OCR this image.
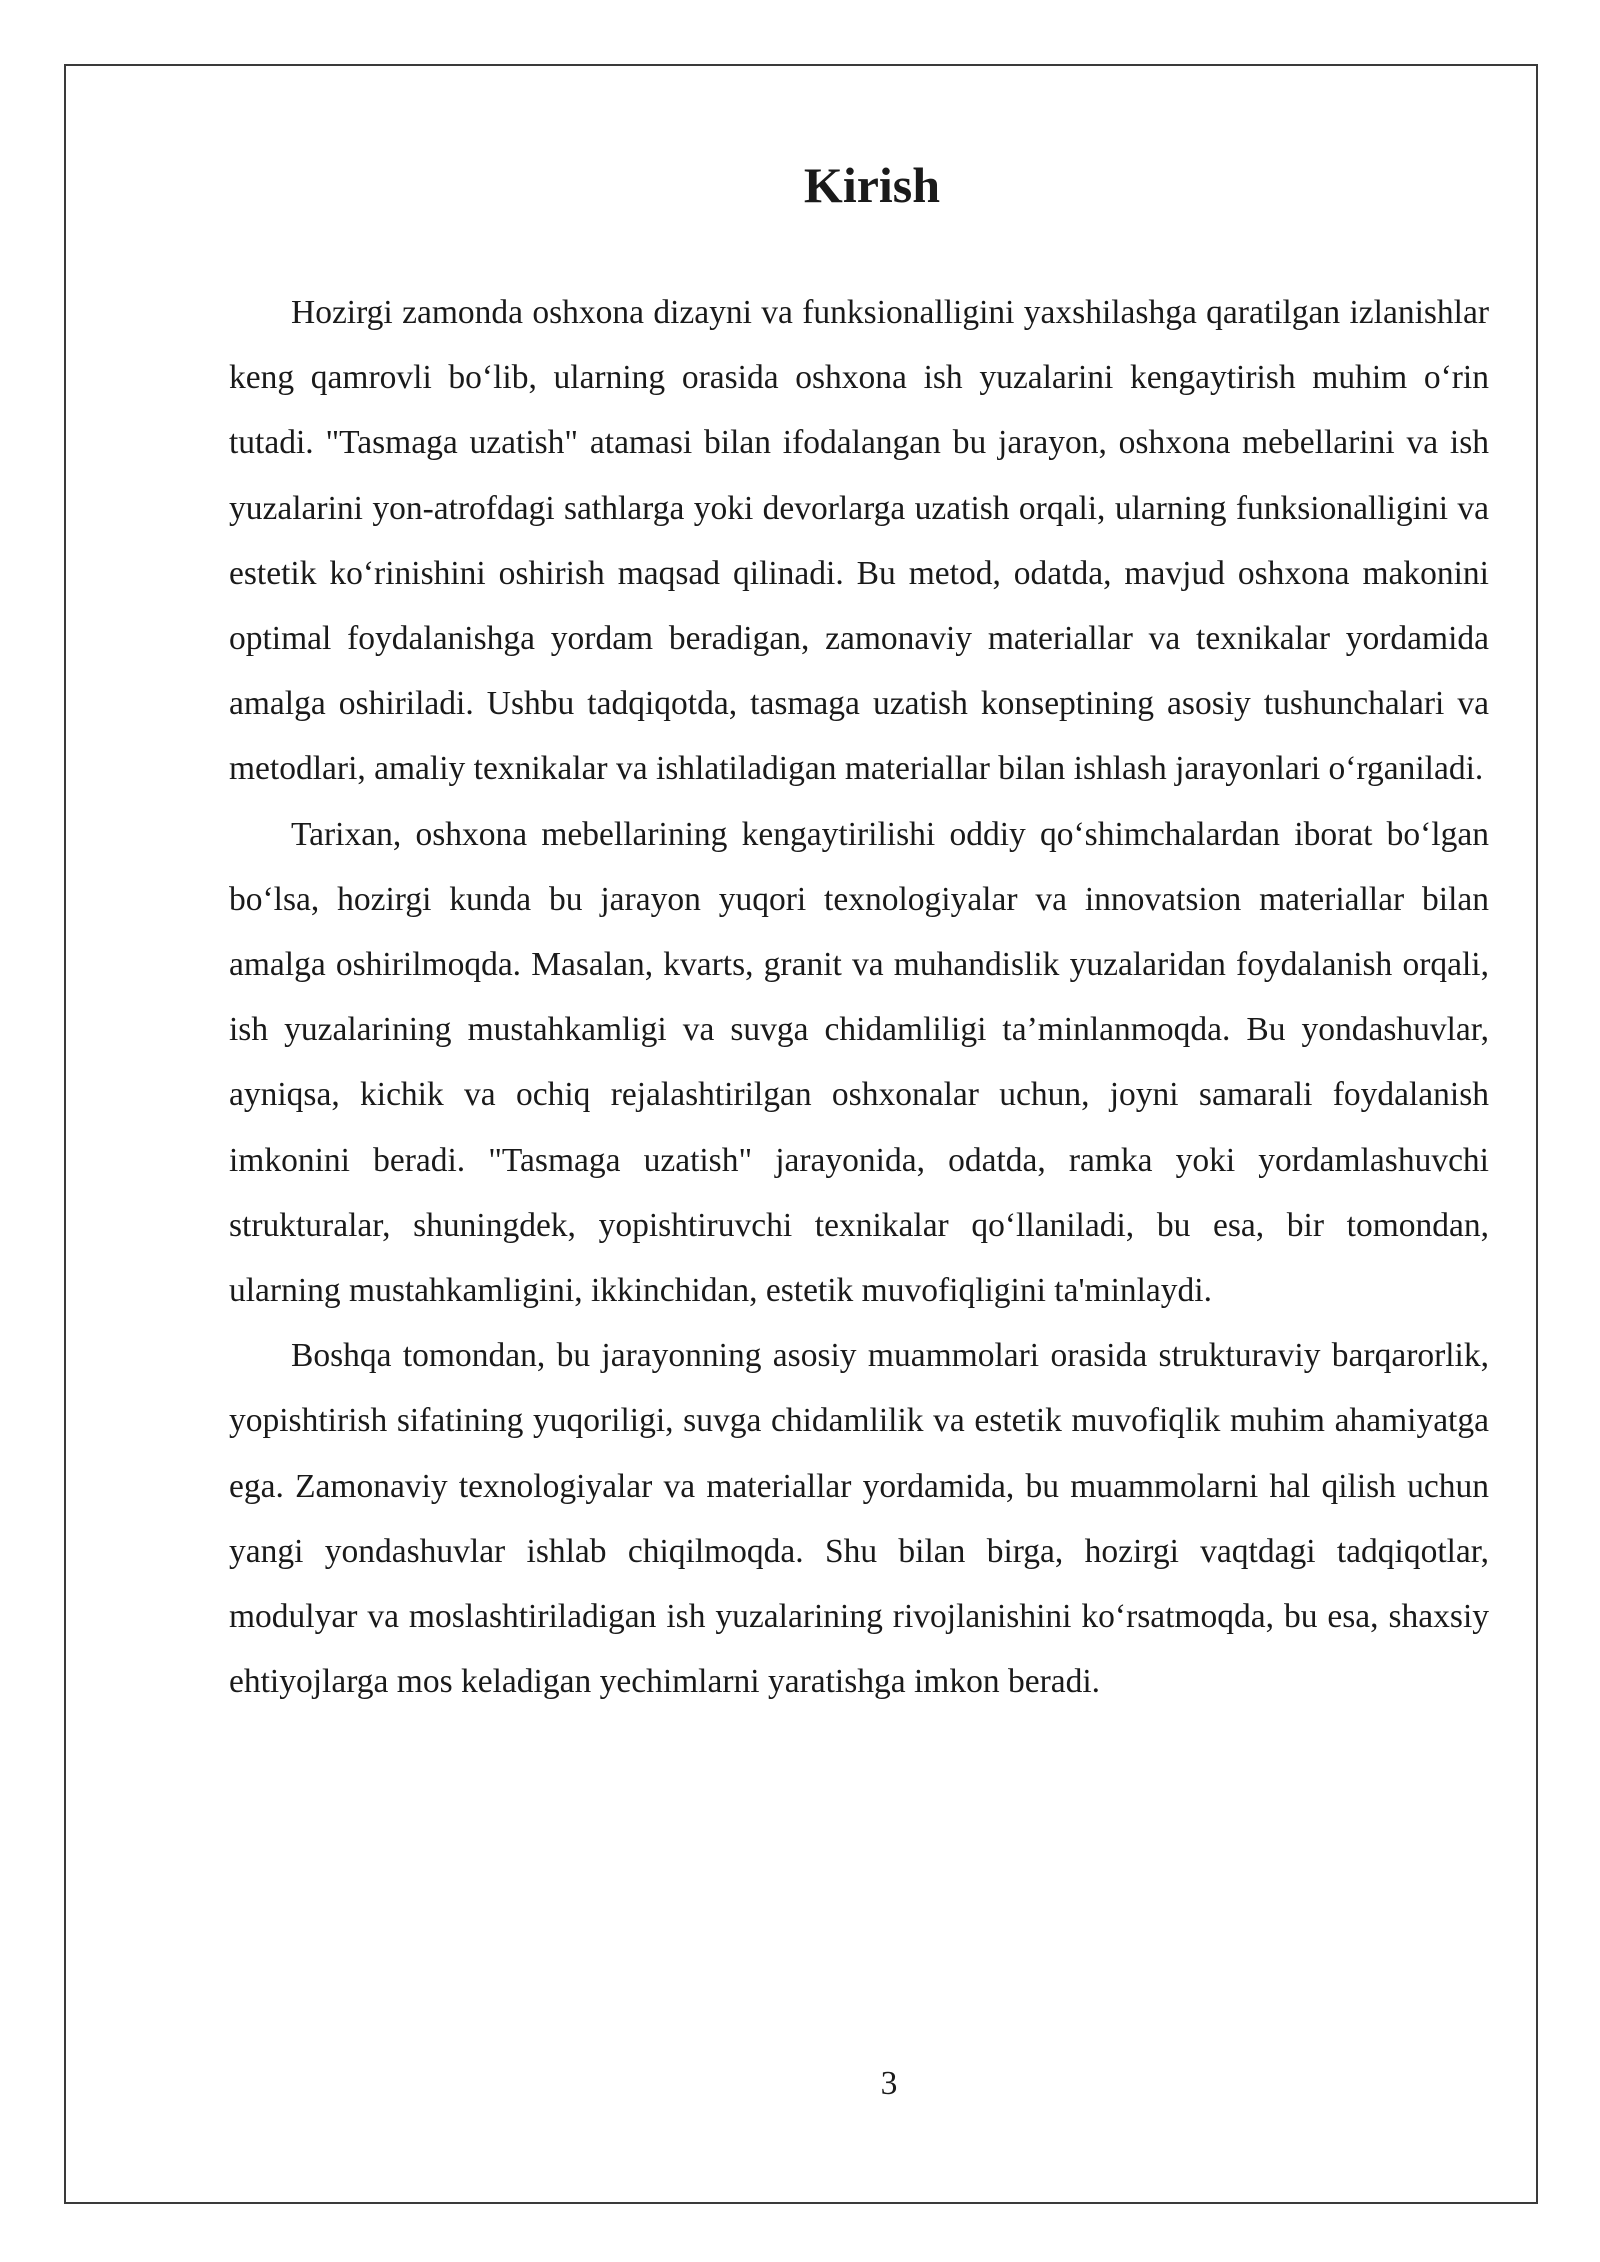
Kirish

Hozirgi zamonda oshxona dizayni va funksionalligini yaxshilashga qaratilgan izlanishlar keng qamrovli bo‘lib, ularning orasida oshxona ish yuzalarini kengaytirish muhim o‘rin tutadi. "Tasmaga uzatish" atamasi bilan ifodalangan bu jarayon, oshxona mebellarini va ish yuzalarini yon-atrofdagi sathlarga yoki devorlarga uzatish orqali, ularning funksionalligini va estetik ko‘rinishini oshirish maqsad qilinadi. Bu metod, odatda, mavjud oshxona makonini optimal foydalanishga yordam beradigan, zamonaviy materiallar va texnikalar yordamida amalga oshiriladi. Ushbu tadqiqotda, tasmaga uzatish konseptining asosiy tushunchalari va metodlari, amaliy texnikalar va ishlatiladigan materiallar bilan ishlash jarayonlari o‘rganiladi.

Tarixan, oshxona mebellarining kengaytirilishi oddiy qo‘shimchalardan iborat bo‘lgan bo‘lsa, hozirgi kunda bu jarayon yuqori texnologiyalar va innovatsion materiallar bilan amalga oshirilmoqda. Masalan, kvarts, granit va muhandislik yuzalaridan foydalanish orqali, ish yuzalarining mustahkamligi va suvga chidamliligi ta’minlanmoqda. Bu yondashuvlar, ayniqsa, kichik va ochiq rejalashtirilgan oshxonalar uchun, joyni samarali foydalanish imkonini beradi. "Tasmaga uzatish" jarayonida, odatda, ramka yoki yordamlashuvchi strukturalar, shuningdek, yopishtiruvchi texnikalar qo‘llaniladi, bu esa, bir tomondan, ularning mustahkamligini, ikkinchidan, estetik muvofiqligini ta'minlaydi.

Boshqa tomondan, bu jarayonning asosiy muammolari orasida strukturaviy barqarorlik, yopishtirish sifatining yuqoriligi, suvga chidamlilik va estetik muvofiqlik muhim ahamiyatga ega. Zamonaviy texnologiyalar va materiallar yordamida, bu muammolarni hal qilish uchun yangi yondashuvlar ishlab chiqilmoqda. Shu bilan birga, hozirgi vaqtdagi tadqiqotlar, modulyar va moslashtiriladigan ish yuzalarining rivojlanishini ko‘rsatmoqda, bu esa, shaxsiy ehtiyojlarga mos keladigan yechimlarni yaratishga imkon beradi.

3
